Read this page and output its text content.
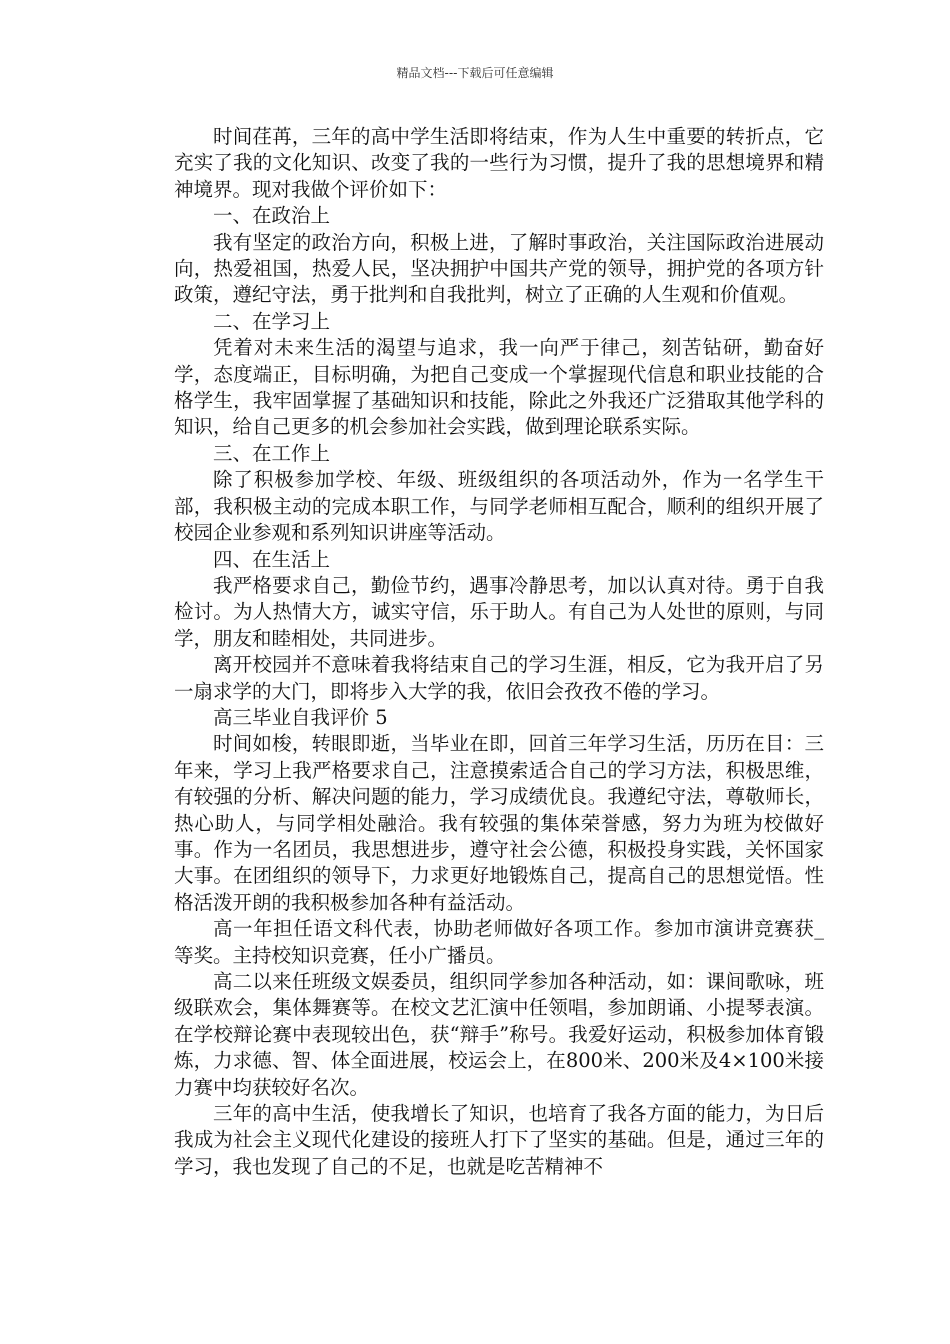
精品文档---下载后可任意编辑

时间荏苒，三年的高中学生活即将结束，作为人生中重要的转折点，它充实了我的文化知识、改变了我的一些行为习惯，提升了我的思想境界和精神境界。现对我做个评价如下：

一、在政治上

我有坚定的政治方向，积极上进，了解时事政治，关注国际政治进展动向，热爱祖国，热爱人民，坚决拥护中国共产党的领导，拥护党的各项方针政策，遵纪守法，勇于批判和自我批判，树立了正确的人生观和价值观。

二、在学习上

凭着对未来生活的渴望与追求，我一向严于律己，刻苦钻研，勤奋好学，态度端正，目标明确，为把自己变成一个掌握现代信息和职业技能的合格学生，我牢固掌握了基础知识和技能，除此之外我还广泛猎取其他学科的知识，给自己更多的机会参加社会实践，做到理论联系实际。

三、在工作上

除了积极参加学校、年级、班级组织的各项活动外，作为一名学生干部，我积极主动的完成本职工作，与同学老师相互配合，顺利的组织开展了校园企业参观和系列知识讲座等活动。

四、在生活上

我严格要求自己，勤俭节约，遇事冷静思考，加以认真对待。勇于自我检讨。为人热情大方，诚实守信，乐于助人。有自己为人处世的原则，与同学，朋友和睦相处，共同进步。

离开校园并不意味着我将结束自己的学习生涯，相反，它为我开启了另一扇求学的大门，即将步入大学的我，依旧会孜孜不倦的学习。

高三毕业自我评价 5

时间如梭，转眼即逝，当毕业在即，回首三年学习生活，历历在目：三年来，学习上我严格要求自己，注意摸索适合自己的学习方法，积极思维，有较强的分析、解决问题的能力，学习成绩优良。我遵纪守法，尊敬师长，热心助人，与同学相处融洽。我有较强的集体荣誉感，努力为班为校做好事。作为一名团员，我思想进步，遵守社会公德，积极投身实践，关怀国家大事。在团组织的领导下，力求更好地锻炼自己，提高自己的思想觉悟。性格活泼开朗的我积极参加各种有益活动。

高一年担任语文科代表，协助老师做好各项工作。参加市演讲竞赛获_等奖。主持校知识竞赛，任小广播员。

高二以来任班级文娱委员，组织同学参加各种活动，如：课间歌咏，班级联欢会，集体舞赛等。在校文艺汇演中任领唱，参加朗诵、小提琴表演。在学校辩论赛中表现较出色，获“辩手”称号。我爱好运动，积极参加体育锻炼，力求德、智、体全面进展，校运会上，在800米、200米及4×100米接力赛中均获较好名次。

三年的高中生活，使我增长了知识，也培育了我各方面的能力，为日后我成为社会主义现代化建设的接班人打下了坚实的基础。但是，通过三年的 学习，我也发现了自己的不足，也就是吃苦精神不
